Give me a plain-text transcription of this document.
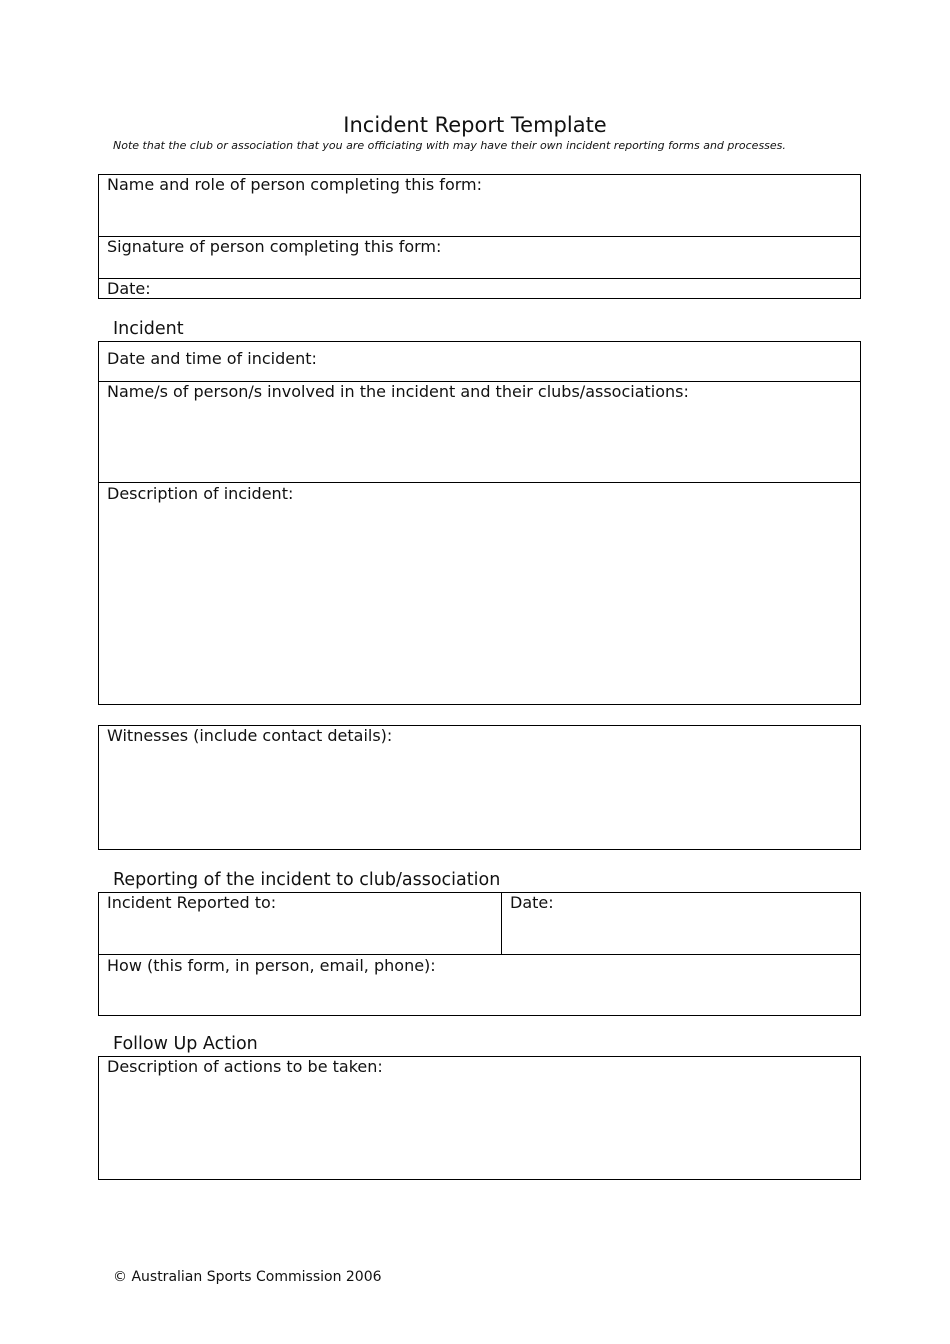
Incident Report Template
Note that the club or association that you are officiating with may have their own incident reporting forms and processes.
Name and role of person completing this form:
Signature of person completing this form:
Date:
Incident
Date and time of incident:
Name/s of person/s involved in the incident and their clubs/associations:
Description of incident:
Witnesses (include contact details):
Reporting of the incident to club/association
Incident Reported to:	Date:
How (this form, in person, email, phone):
Follow Up Action
Description of actions to be taken:
© Australian Sports Commission 2006
